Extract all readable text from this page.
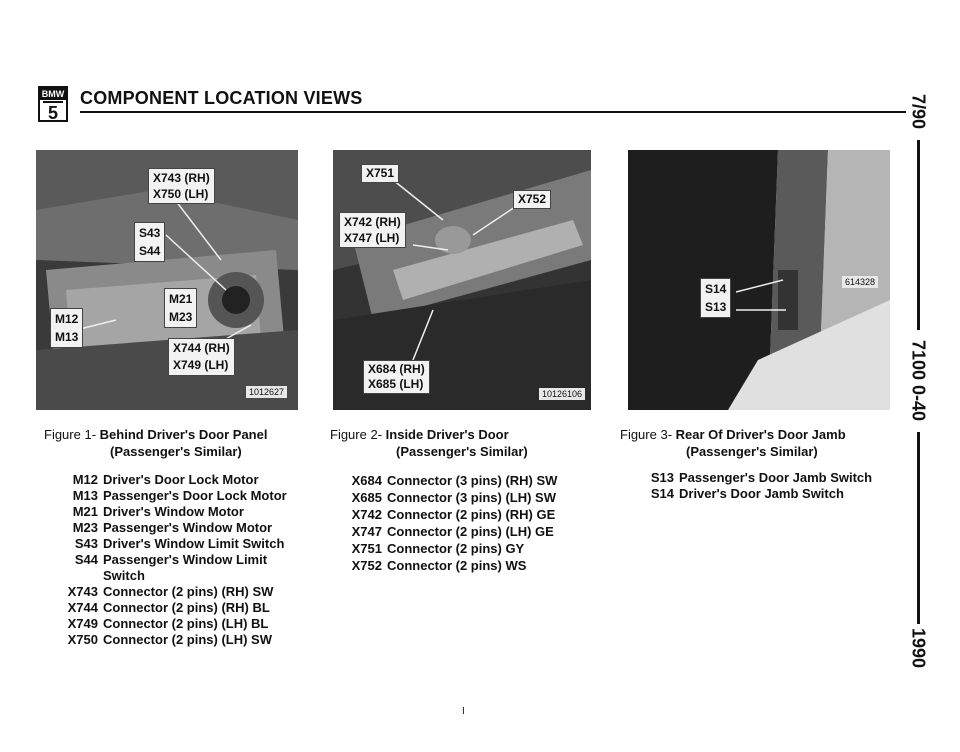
BMW
5
COMPONENT LOCATION VIEWS	7/90
7100 0-40
1990
X743 (RH)
X750 (LH)
S43
S44
M21
M23
M12
M13
X744 (RH)
X749 (LH)
1012627
X751
X752
X742 (RH)
X747 (LH)
X684 (RH)
X685 (LH)
10126106
S14
S13
614328
Figure 1- Behind Driver's Door Panel
(Passenger's Similar)
Figure 2- Inside Driver's Door
(Passenger's Similar)
Figure 3- Rear Of Driver's Door Jamb
(Passenger's Similar)
M12 Driver's Door Lock Motor
M13 Passenger's Door Lock Motor
M21 Driver's Window Motor
M23 Passenger's Window Motor
S43 Driver's Window Limit Switch
S44 Passenger's Window Limit Switch
X743 Connector (2 pins) (RH) SW
X744 Connector (2 pins) (RH) BL
X749 Connector (2 pins) (LH) BL
X750 Connector (2 pins) (LH) SW
X684 Connector (3 pins) (RH) SW
X685 Connector (3 pins) (LH) SW
X742 Connector (2 pins) (RH) GE
X747 Connector (2 pins) (LH) GE
X751 Connector (2 pins) GY
X752 Connector (2 pins) WS
S13 Passenger's Door Jamb Switch
S14 Driver's Door Jamb Switch
I
